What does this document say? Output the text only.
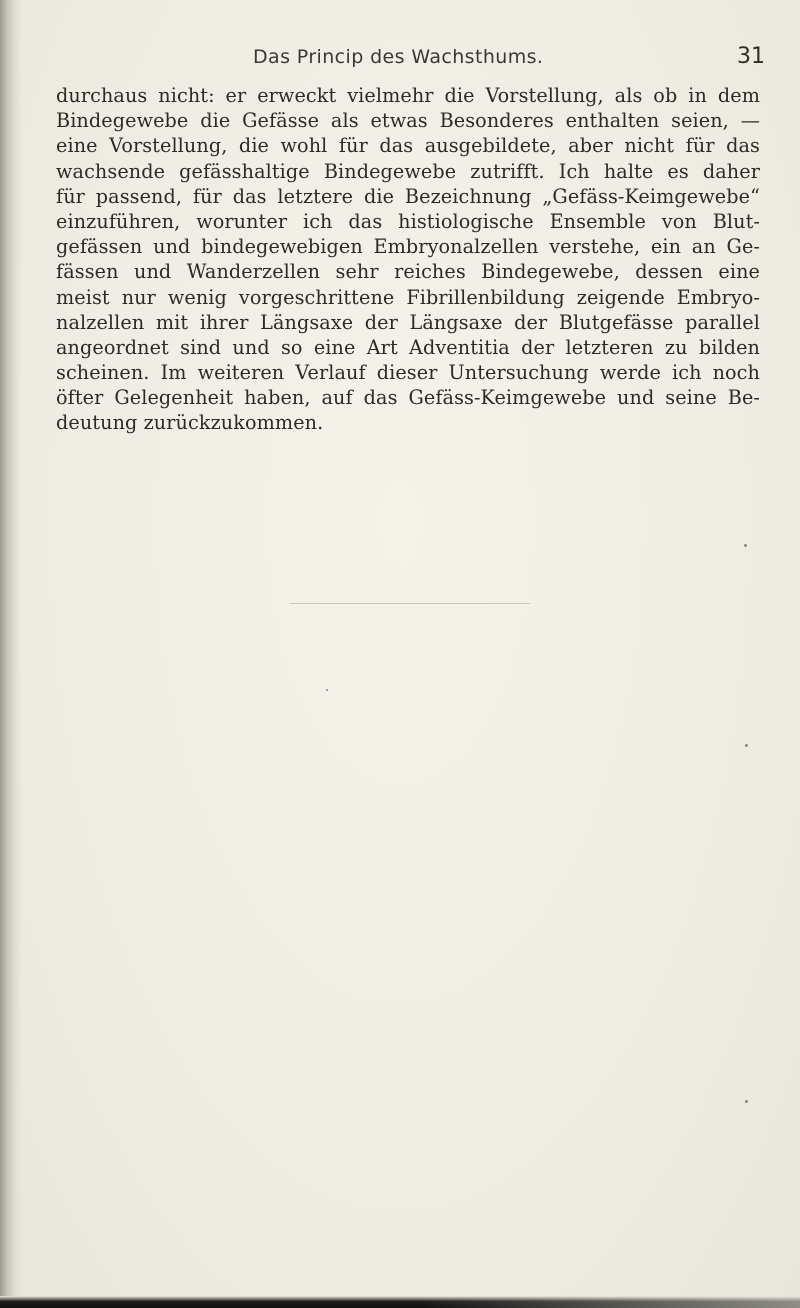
Das Princip des Wachsthums.	31
durchaus nicht: er erweckt vielmehr die Vorstellung, als ob in dem
Bindegewebe die Gefässe als etwas Besonderes enthalten seien, —
eine Vorstellung, die wohl für das ausgebildete, aber nicht für das
wachsende gefässhaltige Bindegewebe zutrifft. Ich halte es daher
für passend, für das letztere die Bezeichnung „Gefäss-Keimgewebe“
einzuführen, worunter ich das histiologische Ensemble von Blut-
gefässen und bindegewebigen Embryonalzellen verstehe, ein an Ge-
fässen und Wanderzellen sehr reiches Bindegewebe, dessen eine
meist nur wenig vorgeschrittene Fibrillenbildung zeigende Embryo-
nalzellen mit ihrer Längsaxe der Längsaxe der Blutgefässe parallel
angeordnet sind und so eine Art Adventitia der letzteren zu bilden
scheinen. Im weiteren Verlauf dieser Untersuchung werde ich noch
öfter Gelegenheit haben, auf das Gefäss-Keimgewebe und seine Be-
deutung zurückzukommen.
